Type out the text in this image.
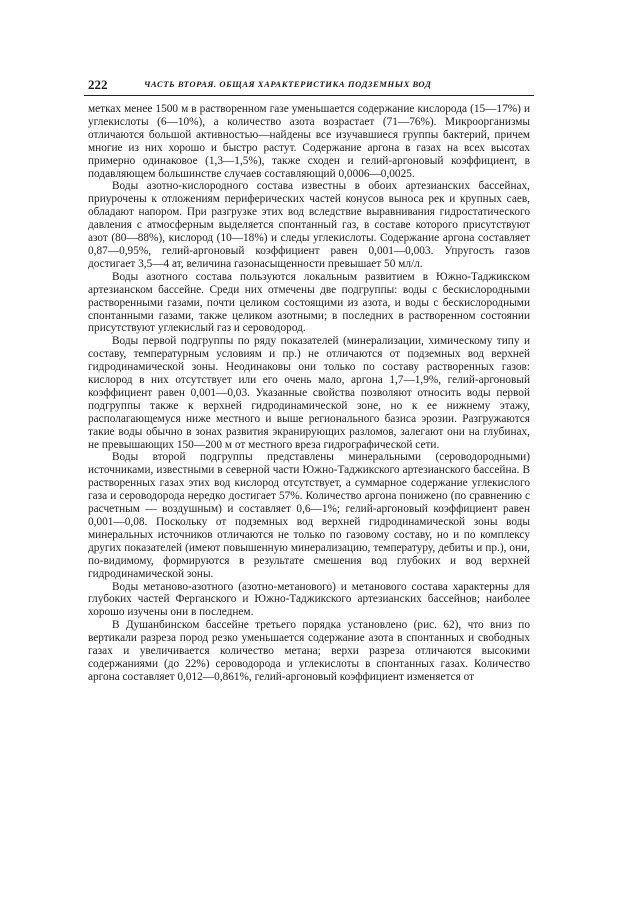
222	ЧАСТЬ ВТОРАЯ. ОБЩАЯ ХАРАКТЕРИСТИКА ПОДЗЕМНЫХ ВОД

метках менее 1500 м в растворенном газе уменьшается содержание кислорода (15—17%) и углекислоты (6—10%), а количество азота возрастает (71—76%). Микроорганизмы отличаются большой активностью—найдены все изучавшиеся группы бактерий, причем многие из них хорошо и быстро растут. Содержание аргона в газах на всех высотах примерно одинаковое (1,3—1,5%), также сходен и гелий-аргоновый коэффициент, в подавляющем большинстве случаев составляющий 0,0006—0,0025.

Воды азотно-кислородного состава известны в обоих артезианских бассейнах, приурочены к отложениям периферических частей конусов выноса рек и крупных саев, обладают напором. При разгрузке этих вод вследствие выравнивания гидростатического давления с атмосферным выделяется спонтанный газ, в составе которого присутствуют азот (80—88%), кислород (10—18%) и следы углекислоты. Содержание аргона составляет 0,87—0,95%, гелий-аргоновый коэффициент равен 0,001—0,003. Упругость газов достигает 3,5—4 ат, величина газонасыщенности превышает 50 мл/л.

Воды азотного состава пользуются локальным развитием в Южно-Таджикском артезианском бассейне. Среди них отмечены две подгруппы: воды с бескислородными растворенными газами, почти целиком состоящими из азота, и воды с бескислородными спонтанными газами, также целиком азотными; в последних в растворенном состоянии присутствуют углекислый газ и сероводород.

Воды первой подгруппы по ряду показателей (минерализации, химическому типу и составу, температурным условиям и пр.) не отличаются от подземных вод верхней гидродинамической зоны. Неодинаковы они только по составу растворенных газов: кислород в них отсутствует или его очень мало, аргона 1,7—1,9%, гелий-аргоновый коэффициент равен 0,001—0,03. Указанные свойства позволяют относить воды первой подгруппы также к верхней гидродинамической зоне, но к ее нижнему этажу, располагающемуся ниже местного и выше регионального базиса эрозии. Разгружаются такие воды обычно в зонах развития экранирующих разломов, залегают они на глубинах, не превышающих 150—200 м от местного вреза гидрографической сети.

Воды второй подгруппы представлены минеральными (сероводородными) источниками, известными в северной части Южно-Таджикского артезианского бассейна. В растворенных газах этих вод кислород отсутствует, а суммарное содержание углекислого газа и сероводорода нередко достигает 57%. Количество аргона понижено (по сравнению с расчетным — воздушным) и составляет 0,6—1%; гелий-аргоновый коэффициент равен 0,001—0,08. Поскольку от подземных вод верхней гидродинамической зоны воды минеральных источников отличаются не только по газовому составу, но и по комплексу других показателей (имеют повышенную минерализацию, температуру, дебиты и пр.), они, по-видимому, формируются в результате смешения вод глубоких и вод верхней гидродинамической зоны.

Воды метаново-азотного (азотно-метанового) и метанового состава характерны для глубоких частей Ферганского и Южно-Таджикского артезианских бассейнов; наиболее хорошо изучены они в последнем.

В Душанбинском бассейне третьего порядка установлено (рис. 62), что вниз по вертикали разреза пород резко уменьшается содержание азота в спонтанных и свободных газах и увеличивается количество метана; верхи разреза отличаются высокими содержаниями (до 22%) сероводорода и углекислоты в спонтанных газах. Количество аргона составляет 0,012—0,861%, гелий-аргоновый коэффициент изменяется от
